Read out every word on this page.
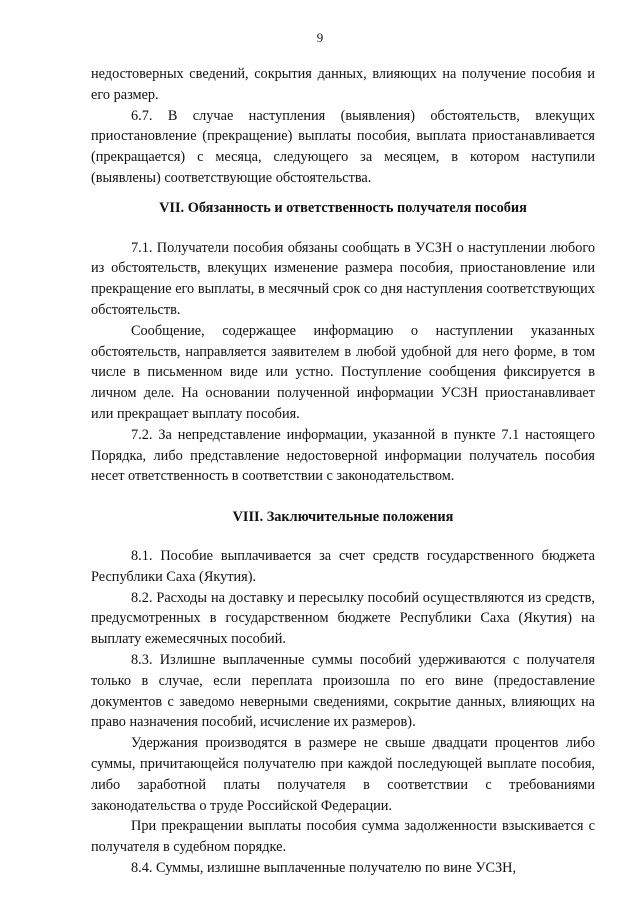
9

недостоверных сведений, сокрытия данных, влияющих на получение пособия и его размер.

6.7. В случае наступления (выявления) обстоятельств, влекущих приостановление (прекращение) выплаты пособия, выплата приостанавливается (прекращается) с месяца, следующего за месяцем, в котором наступили (выявлены) соответствующие обстоятельства.

VII. Обязанность и ответственность получателя пособия

7.1. Получатели пособия обязаны сообщать в УСЗН о наступлении любого из обстоятельств, влекущих изменение размера пособия, приостановление или прекращение его выплаты, в месячный срок со дня наступления соответствующих обстоятельств.

Сообщение, содержащее информацию о наступлении указанных обстоятельств, направляется заявителем в любой удобной для него форме, в том числе в письменном виде или устно. Поступление сообщения фиксируется в личном деле. На основании полученной информации УСЗН приостанавливает или прекращает выплату пособия.

7.2. За непредставление информации, указанной в пункте 7.1 настоящего Порядка, либо представление недостоверной информации получатель пособия несет ответственность в соответствии с законодательством.

VIII. Заключительные положения

8.1. Пособие выплачивается за счет средств государственного бюджета Республики Саха (Якутия).

8.2. Расходы на доставку и пересылку пособий осуществляются из средств, предусмотренных в государственном бюджете Республики Саха (Якутия) на выплату ежемесячных пособий.

8.3. Излишне выплаченные суммы пособий удерживаются с получателя только в случае, если переплата произошла по его вине (предоставление документов с заведомо неверными сведениями, сокрытие данных, влияющих на право назначения пособий, исчисление их размеров).

Удержания производятся в размере не свыше двадцати процентов либо суммы, причитающейся получателю при каждой последующей выплате пособия, либо заработной платы получателя в соответствии с требованиями законодательства о труде Российской Федерации.

При прекращении выплаты пособия сумма задолженности взыскивается с получателя в судебном порядке.

8.4. Суммы, излишне выплаченные получателю по вине УСЗН,
